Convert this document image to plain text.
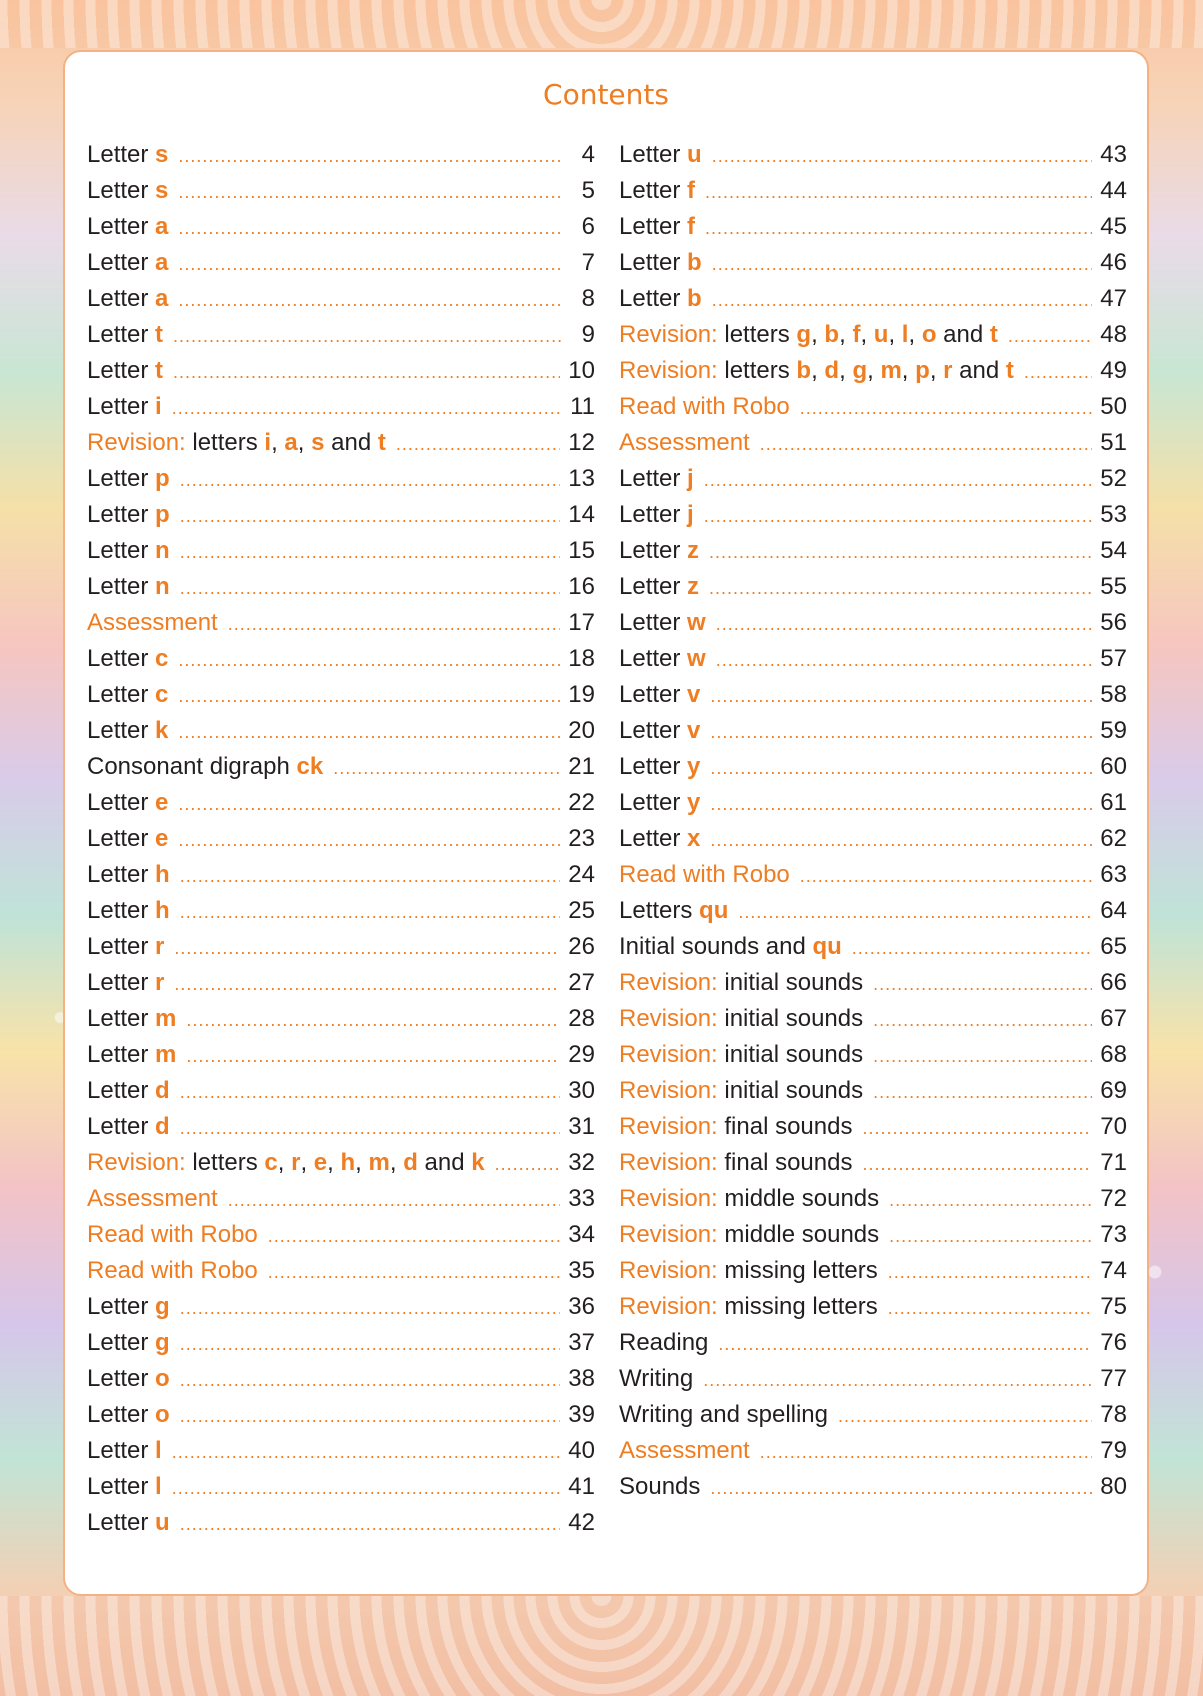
Contents
Letter s .....	4
Letter s .....	5
Letter a .....	6
Letter a .....	7
Letter a .....	8
Letter t .....	9
Letter t .....	10
Letter i .....	11
Revision: letters i, a, s and t .....	12
Letter p .....	13
Letter p .....	14
Letter n .....	15
Letter n .....	16
Assessment .....	17
Letter c .....	18
Letter c .....	19
Letter k .....	20
Consonant digraph ck .....	21
Letter e .....	22
Letter e .....	23
Letter h .....	24
Letter h .....	25
Letter r .....	26
Letter r .....	27
Letter m .....	28
Letter m .....	29
Letter d .....	30
Letter d .....	31
Revision: letters c, r, e, h, m, d and k .....	32
Assessment .....	33
Read with Robo .....	34
Read with Robo .....	35
Letter g .....	36
Letter g .....	37
Letter o .....	38
Letter o .....	39
Letter l .....	40
Letter l .....	41
Letter u .....	42
Letter u .....	43
Letter f .....	44
Letter f .....	45
Letter b .....	46
Letter b .....	47
Revision: letters g, b, f, u, l, o and t .....	48
Revision: letters b, d, g, m, p, r and t .....	49
Read with Robo .....	50
Assessment .....	51
Letter j .....	52
Letter j .....	53
Letter z .....	54
Letter z .....	55
Letter w .....	56
Letter w .....	57
Letter v .....	58
Letter v .....	59
Letter y .....	60
Letter y .....	61
Letter x .....	62
Read with Robo .....	63
Letters qu .....	64
Initial sounds and qu .....	65
Revision: initial sounds .....	66
Revision: initial sounds .....	67
Revision: initial sounds .....	68
Revision: initial sounds .....	69
Revision: final sounds .....	70
Revision: final sounds .....	71
Revision: middle sounds .....	72
Revision: middle sounds .....	73
Revision: missing letters .....	74
Revision: missing letters .....	75
Reading .....	76
Writing .....	77
Writing and spelling .....	78
Assessment .....	79
Sounds .....	80
